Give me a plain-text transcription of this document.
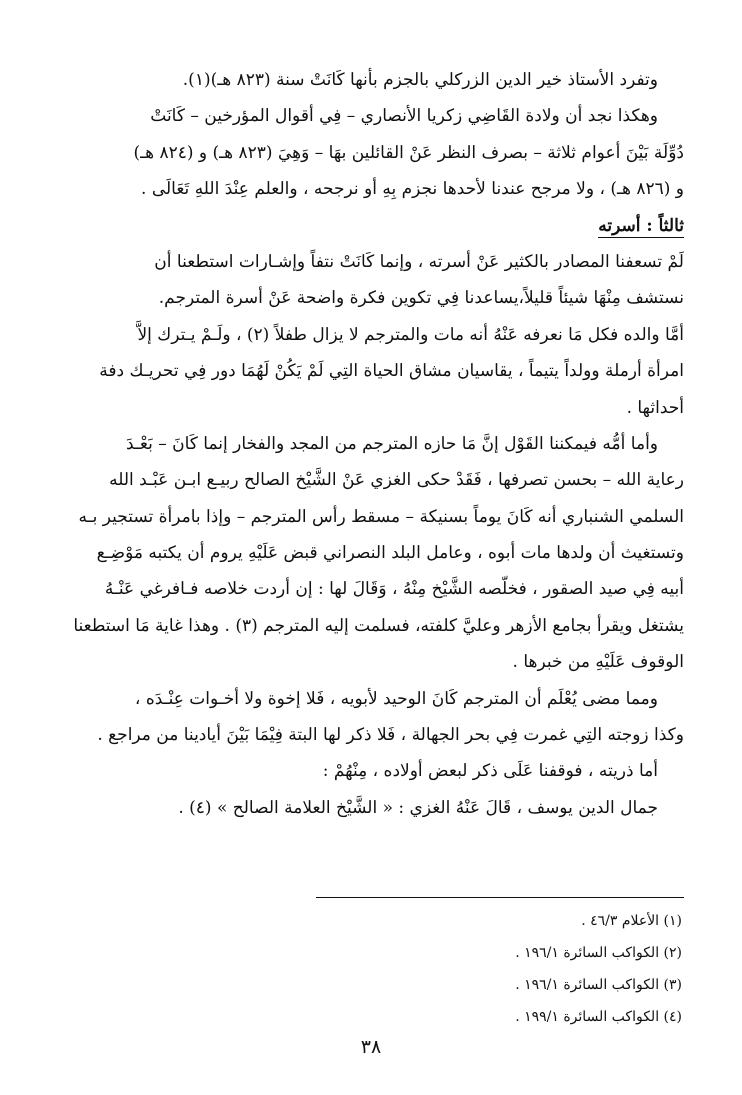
وتفرد الأستاذ خير الدين الزركلي بالجزم بأنها كَانَتْ سنة (٨٢٣ هـ)(١).
وهكذا نجد أن ولادة القَاضِي زكريا الأنصاري – فِي أقوال المؤرخين – كَانَتْ
دُوِّلَة بَيْنَ أعوام ثلاثة – بصرف النظر عَنْ القائلين بهَا – وَهِيَ (٨٢٣ هـ) و (٨٢٤ هـ)
و (٨٢٦ هـ) ، ولا مرجح عندنا لأحدها نجزم بِهِ أو نرجحه ، والعلم عِنْدَ اللهِ تَعَالَى .
ثالثاً : أسرته
لَمْ تسعفنا المصادر بالكثير عَنْ أسرته ، وإنما كَانَتْ نتفاً وإشـارات استطعنا أن
نستشف مِنْهَا شيئاً قليلاً،يساعدنا فِي تكوين فكرة واضحة عَنْ أسرة المترجم.
أمَّا والده فكل مَا نعرفه عَنْهُ أنه مات والمترجم لا يزال طفلاً (٢) ، ولَـمْ يـترك إلاَّ
امرأة أرملة وولداً يتيماً ، يقاسيان مشاق الحياة التِي لَمْ يَكُنْ لَهُمَا دور فِي تحريـك دفة
أحداثها .
وأما أمُّه فيمكننا القَوْل إنَّ مَا حازه المترجم من المجد والفخار إنما كَانَ – بَعْـدَ
رعاية الله – بحسن تصرفها ، فَقَدْ حكى الغزي عَنْ الشَّيْخ الصالح ربيـع ابـن عَبْـد الله
السلمي الشنباري أنه كَانَ يوماً بسنيكة – مسقط رأس المترجم – وإذا بامرأة تستجير بـه
وتستغيث أن ولدها مات أبوه ، وعامل البلد النصراني قبض عَلَيْهِ يروم أن يكتبه مَوْضِـع
أبيه فِي صيد الصقور ، فخلّصه الشَّيْخ مِنْهُ ، وَقَالَ لها : إن أردت خلاصه فـافرغي عَنْـهُ
يشتغل ويقرأ بجامع الأزهر وعليَّ كلفته، فسلمت إليه المترجم (٣) . وهذا غاية مَا استطعنا
الوقوف عَلَيْهِ من خبرها .
ومما مضى يُعْلَم أن المترجم كَانَ الوحيد لأبويه ، فَلا إخوة ولا أخـوات عِنْـدَه ،
وكذا زوجته التِي غمرت فِي بحر الجهالة ، فَلا ذكر لها البتة فِيْمَا بَيْنَ أيادينا من مراجع .
أما ذريته ، فوقفنا عَلَى ذكر لبعض أولاده ، مِنْهُمْ :
جمال الدين يوسف ، قَالَ عَنْهُ الغزي : « الشَّيْخ العلامة الصالح » (٤) .
(١) الأعلام ٤٦/٣ .
(٢) الكواكب السائرة ١٩٦/١ .
(٣) الكواكب السائرة ١٩٦/١ .
(٤) الكواكب السائرة ١٩٩/١ .
٣٨
